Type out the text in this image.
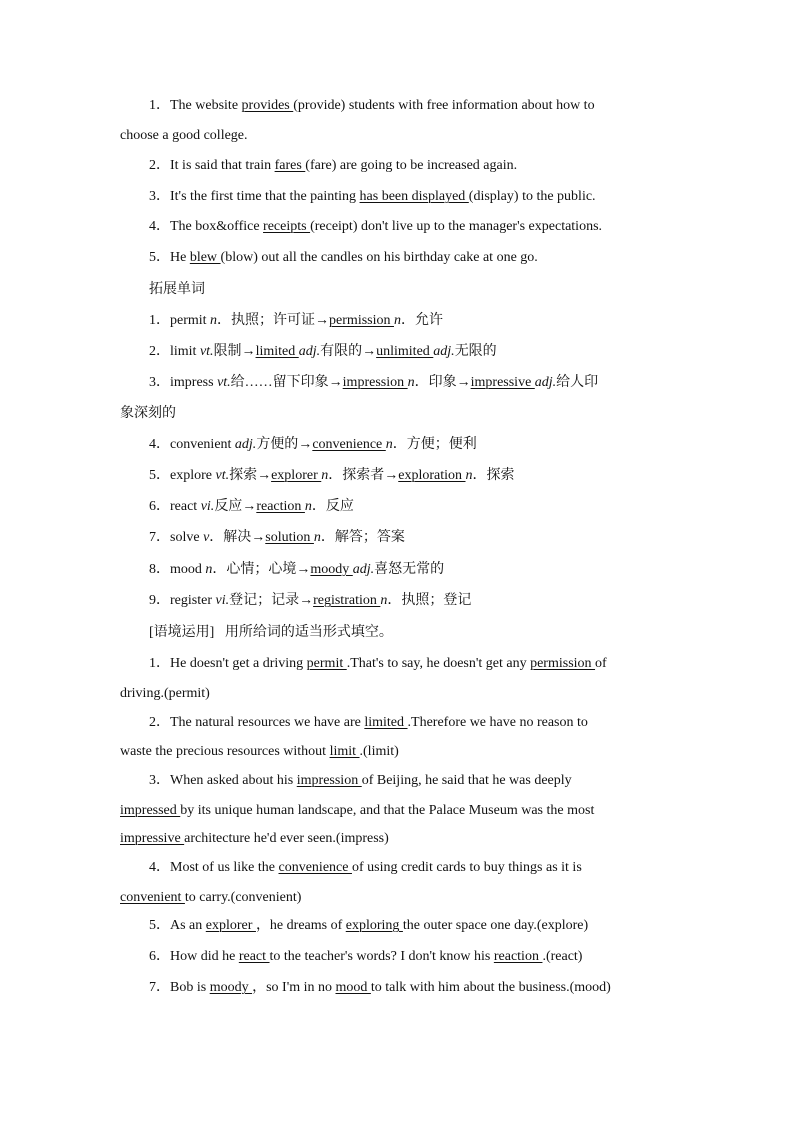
1．The website provides (provide) students with free information about how to
choose a good college.
2．It is said that train fares (fare) are going to be increased again.
3．It's the first time that the painting has been displayed (display) to the public.
4．The box&office receipts (receipt) don't live up to the manager's expectations.
5．He blew (blow) out all the candles on his birthday cake at one go.
拓展单词
1．permit n．执照；许可证→permission n．允许
2．limit vt.限制→limited adj.有限的→unlimited adj.无限的
3．impress vt.给……留下印象→impression n．印象→impressive adj.给人印
象深刻的
4．convenient adj.方便的→convenience n．方便；便利
5．explore vt.探索→explorer n．探索者→exploration n．探索
6．react vi.反应→reaction n．反应
7．solve v．解决→solution n．解答；答案
8．mood n．心情；心境→moody adj.喜怒无常的
9．register vi.登记；记录→registration n．执照；登记
[语境运用] 用所给词的适当形式填空。
1．He doesn't get a driving permit .That's to say, he doesn't get any permission of
driving.(permit)
2．The natural resources we have are limited .Therefore we have no reason to
waste the precious resources without limit .(limit)
3．When asked about his impression of Beijing, he said that he was deeply
impressed by its unique human landscape, and that the Palace Museum was the most
impressive architecture he'd ever seen.(impress)
4．Most of us like the convenience of using credit cards to buy things as it is
convenient to carry.(convenient)
5．As an explorer ，he dreams of exploring the outer space one day.(explore)
6．How did he react to the teacher's words? I don't know his reaction .(react)
7．Bob is moody ，so I'm in no mood to talk with him about the business.(mood)
